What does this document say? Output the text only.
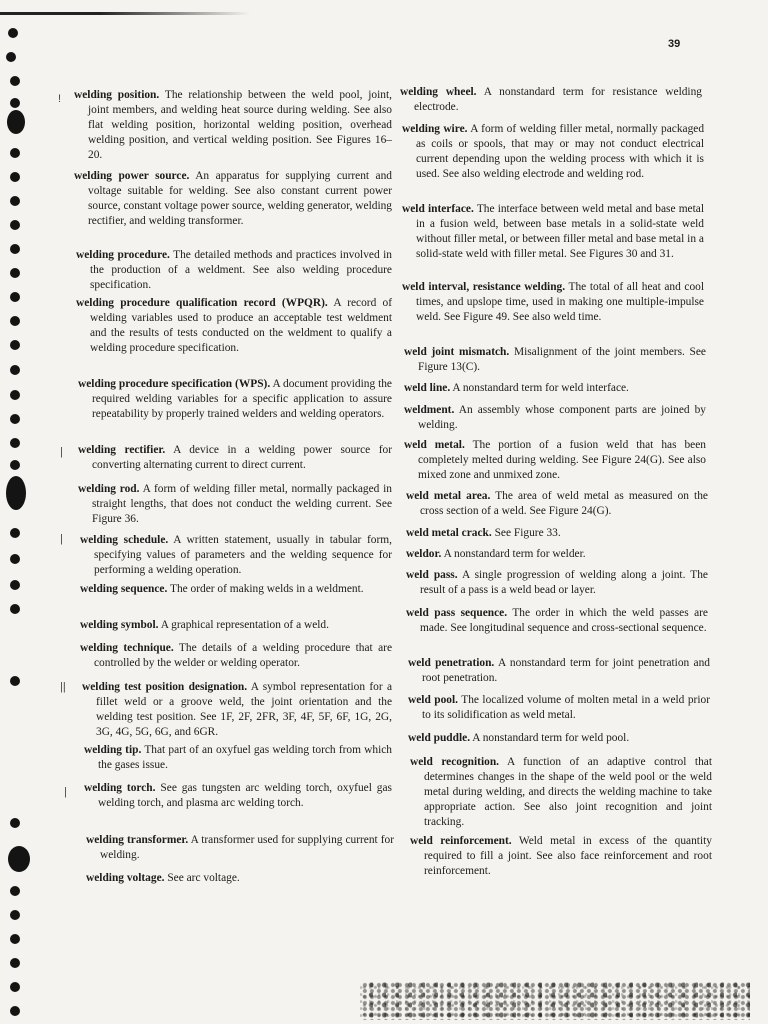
39
!
|
|
||
|
welding position. The relationship between the weld pool, joint, joint members, and welding heat source during welding. See also flat welding position, horizontal welding position, overhead welding position, and vertical welding position. See Figures 16–20.
welding power source. An apparatus for supplying current and voltage suitable for welding. See also constant current power source, constant voltage power source, welding generator, welding rectifier, and welding transformer.
welding procedure. The detailed methods and practices involved in the production of a weldment. See also welding procedure specification.
welding procedure qualification record (WPQR). A record of welding variables used to produce an acceptable test weldment and the results of tests conducted on the weldment to qualify a welding procedure specification.
welding procedure specification (WPS). A document providing the required welding variables for a specific application to assure repeatability by properly trained welders and welding operators.
welding rectifier. A device in a welding power source for converting alternating current to direct current.
welding rod. A form of welding filler metal, normally packaged in straight lengths, that does not conduct the welding current. See Figure 36.
welding schedule. A written statement, usually in tabular form, specifying values of parameters and the welding sequence for performing a welding operation.
welding sequence. The order of making welds in a weldment.
welding symbol. A graphical representation of a weld.
welding technique. The details of a welding procedure that are controlled by the welder or welding operator.
welding test position designation. A symbol representation for a fillet weld or a groove weld, the joint orientation and the welding test position. See 1F, 2F, 2FR, 3F, 4F, 5F, 6F, 1G, 2G, 3G, 4G, 5G, 6G, and 6GR.
welding tip. That part of an oxyfuel gas welding torch from which the gases issue.
welding torch. See gas tungsten arc welding torch, oxyfuel gas welding torch, and plasma arc welding torch.
welding transformer. A transformer used for supplying current for welding.
welding voltage. See arc voltage.
welding wheel. A nonstandard term for resistance welding electrode.
welding wire. A form of welding filler metal, normally packaged as coils or spools, that may or may not conduct electrical current depending upon the welding process with which it is used. See also welding electrode and welding rod.
weld interface. The interface between weld metal and base metal in a fusion weld, between base metals in a solid-state weld without filler metal, or between filler metal and base metal in a solid-state weld with filler metal. See Figures 30 and 31.
weld interval, resistance welding. The total of all heat and cool times, and upslope time, used in making one multiple-impulse weld. See Figure 49. See also weld time.
weld joint mismatch. Misalignment of the joint members. See Figure 13(C).
weld line. A nonstandard term for weld interface.
weldment. An assembly whose component parts are joined by welding.
weld metal. The portion of a fusion weld that has been completely melted during welding. See Figure 24(G). See also mixed zone and unmixed zone.
weld metal area. The area of weld metal as measured on the cross section of a weld. See Figure 24(G).
weld metal crack. See Figure 33.
weldor. A nonstandard term for welder.
weld pass. A single progression of welding along a joint. The result of a pass is a weld bead or layer.
weld pass sequence. The order in which the weld passes are made. See longitudinal sequence and cross-sectional sequence.
weld penetration. A nonstandard term for joint penetration and root penetration.
weld pool. The localized volume of molten metal in a weld prior to its solidification as weld metal.
weld puddle. A nonstandard term for weld pool.
weld recognition. A function of an adaptive control that determines changes in the shape of the weld pool or the weld metal during welding, and directs the welding machine to take appropriate action. See also joint recognition and joint tracking.
weld reinforcement. Weld metal in excess of the quantity required to fill a joint. See also face reinforcement and root reinforcement.
